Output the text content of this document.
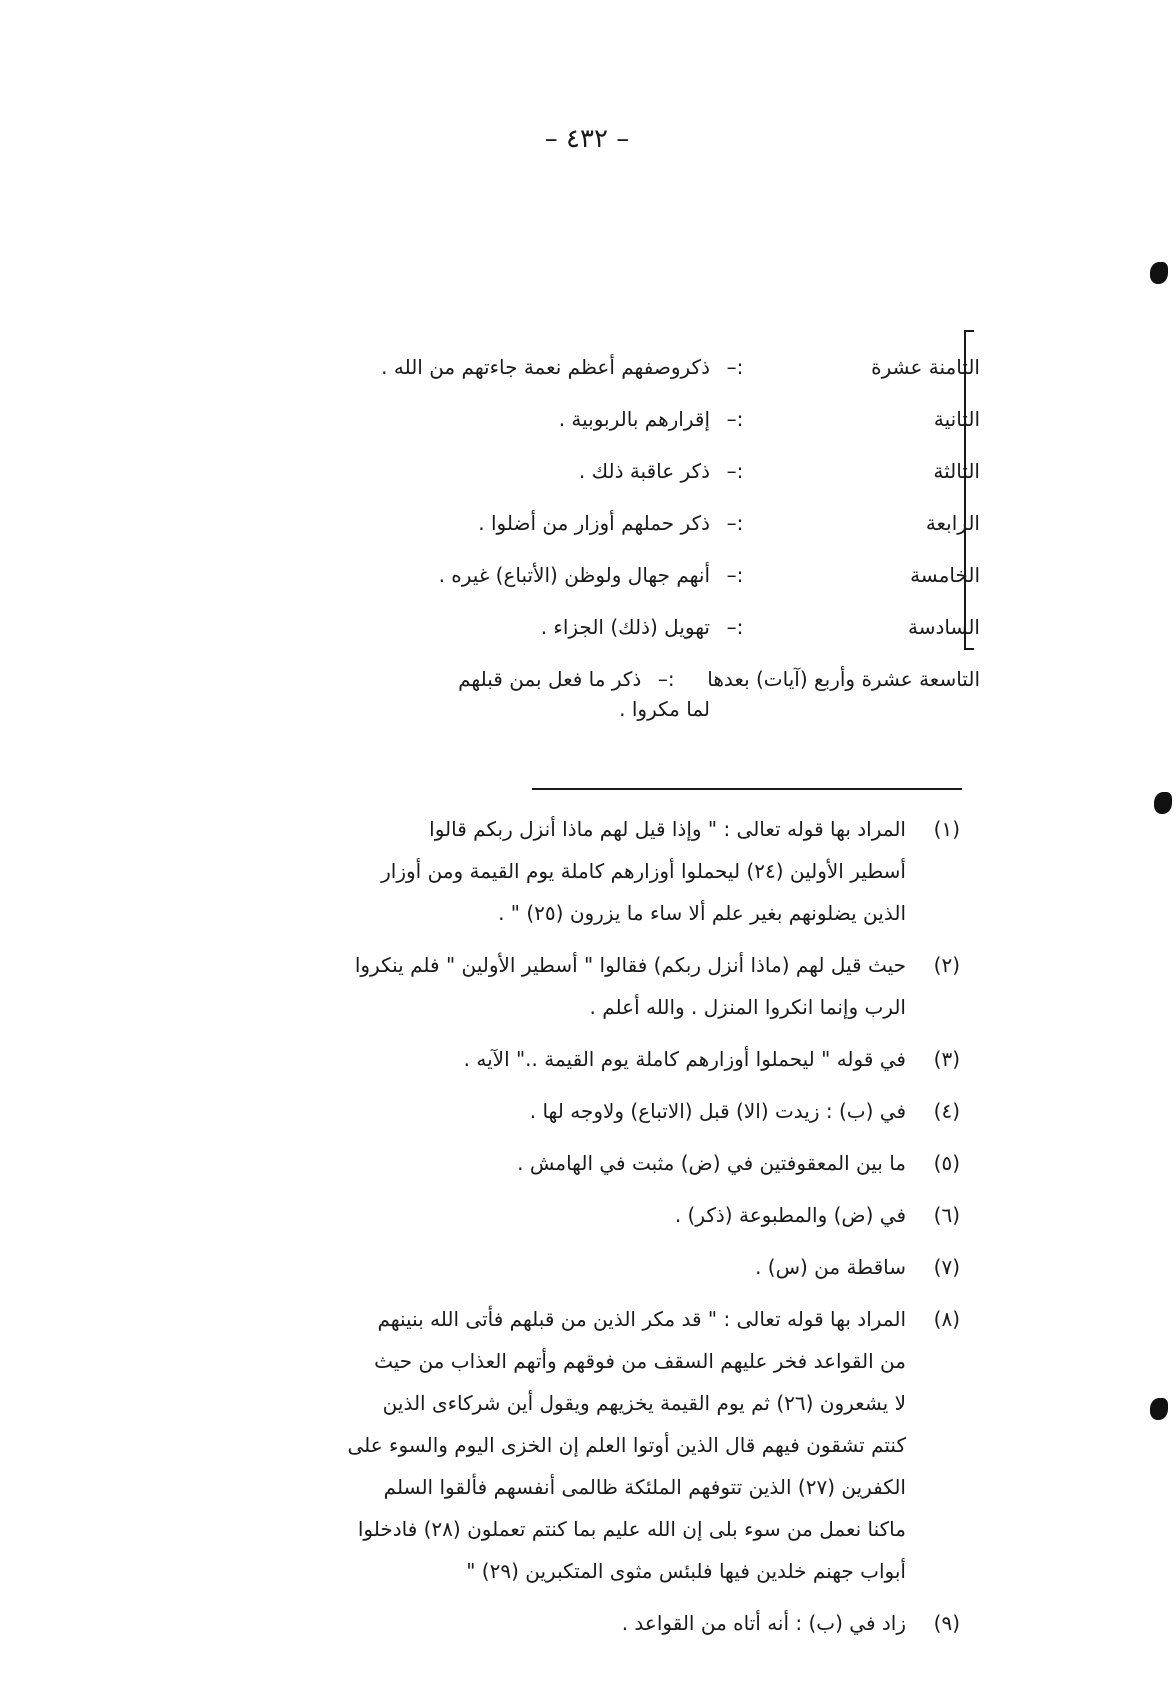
– ٤٣٢ –
الثامنة عشرة
:–
ذكروصفهم أعظم نعمة جاءتهم من الله .
الثانية
:–
إقرارهم بالربوبية .
الثالثة
:–
ذكر عاقبة ذلك .
الرابعة
:–
ذكر حملهم أوزار من أضلوا .
الخامسة
:–
أنهم جهال ولوظن (الأتباع) غيره .
السادسة
:–
تهويل (ذلك) الجزاء .
التاسعة عشرة وأربع (آيات) بعدها
:–
ذكر ما فعل بمن قبلهم
لما مكروا .
(١)
المراد بها قوله تعالى : " وإذا قيل لهم ماذا أنزل ربكم قالوا
أسطير الأولين (٢٤) ليحملوا أوزارهم كاملة يوم القيمة ومن أوزار
الذين يضلونهم بغير علم ألا ساء ما يزرون (٢٥) " .
(٢)
حيث قيل لهم (ماذا أنزل ربكم) فقالوا " أسطير الأولين " فلم ينكروا
الرب وإنما انكروا المنزل . والله أعلم .
(٣)
في قوله " ليحملوا أوزارهم كاملة يوم القيمة .." الآيه .
(٤)
في (ب) : زيدت (الا) قبل (الاتباع) ولاوجه لها .
(٥)
ما بين المعقوفتين في (ض) مثبت في الهامش .
(٦)
في (ض) والمطبوعة (ذكر) .
(٧)
ساقطة من (س) .
(٨)
المراد بها قوله تعالى : " قد مكر الذين من قبلهم فأتى الله بنينهم
من القواعد فخر عليهم السقف من فوقهم وأتهم العذاب من حيث
لا يشعرون (٢٦) ثم يوم القيمة يخزيهم ويقول أين شركاءى الذين
كنتم تشقون فيهم قال الذين أوتوا العلم إن الخزى اليوم والسوء على
الكفرين (٢٧) الذين تتوفهم الملئكة ظالمى أنفسهم فألقوا السلم
ماكنا نعمل من سوء بلى إن الله عليم بما كنتم تعملون (٢٨) فادخلوا
أبواب جهنم خلدين فيها فلبئس مثوى المتكبرين (٢٩) "
(٩)
زاد في (ب) : أنه أتاه من القواعد .
